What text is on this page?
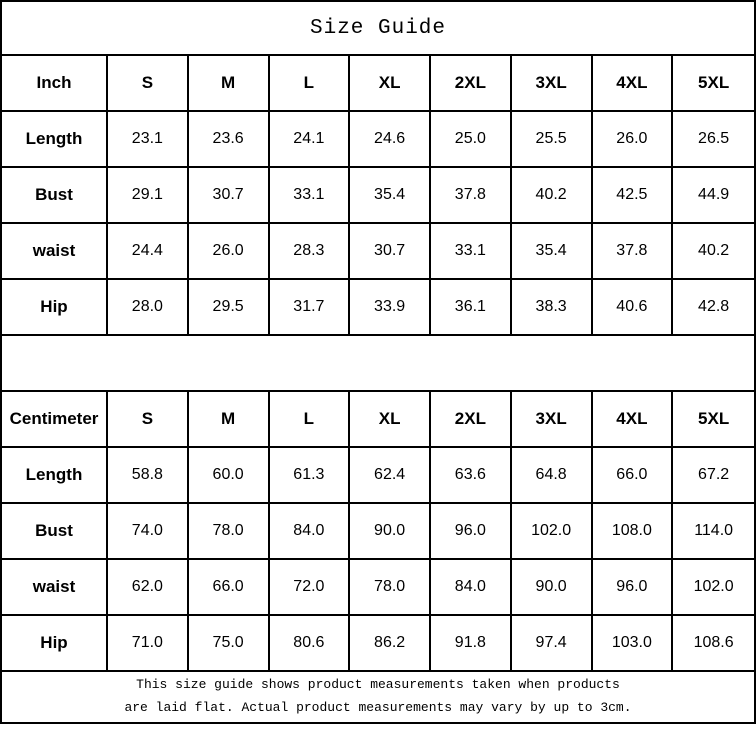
Size Guide
Inch	S	M	L	XL	2XL	3XL	4XL	5XL
Length	23.1	23.6	24.1	24.6	25.0	25.5	26.0	26.5
Bust	29.1	30.7	33.1	35.4	37.8	40.2	42.5	44.9
waist	24.4	26.0	28.3	30.7	33.1	35.4	37.8	40.2
Hip	28.0	29.5	31.7	33.9	36.1	38.3	40.6	42.8
Centimeter	S	M	L	XL	2XL	3XL	4XL	5XL
Length	58.8	60.0	61.3	62.4	63.6	64.8	66.0	67.2
Bust	74.0	78.0	84.0	90.0	96.0	102.0	108.0	114.0
waist	62.0	66.0	72.0	78.0	84.0	90.0	96.0	102.0
Hip	71.0	75.0	80.6	86.2	91.8	97.4	103.0	108.6
This size guide shows product measurements taken when products
are laid flat. Actual product measurements may vary by up to 3cm.
